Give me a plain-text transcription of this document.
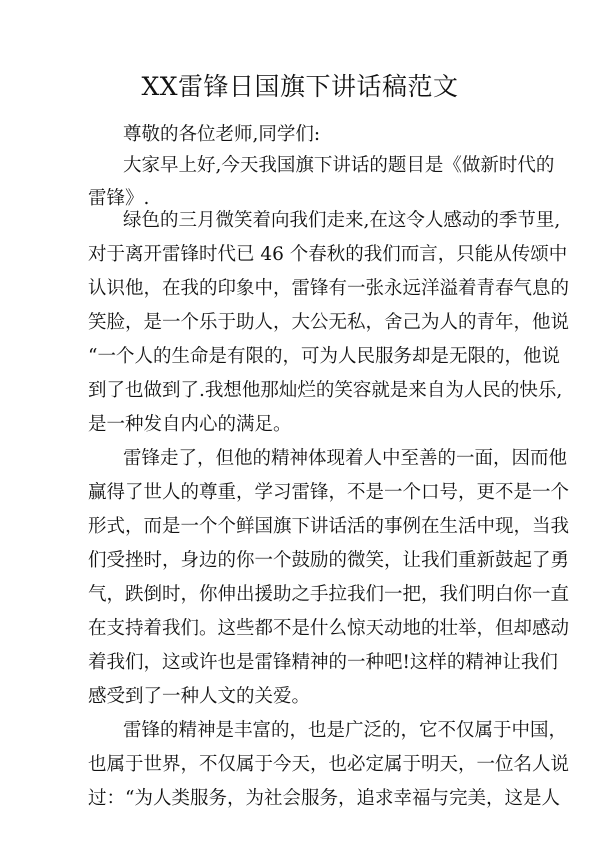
XX雷锋日国旗下讲话稿范文

尊敬的各位老师,同学们:

大家早上好,今天我国旗下讲话的题目是《做新时代的

雷锋》.

绿色的三月微笑着向我们走来,在这令人感动的季节里,

对于离开雷锋时代已 46 个春秋的我们而言，只能从传颂中

认识他，在我的印象中，雷锋有一张永远洋溢着青春气息的

笑脸，是一个乐于助人，大公无私，舍己为人的青年，他说

“一个人的生命是有限的，可为人民服务却是无限的，他说

到了也做到了.我想他那灿烂的笑容就是来自为人民的快乐,

是一种发自内心的满足。

雷锋走了，但他的精神体现着人中至善的一面，因而他

赢得了世人的尊重，学习雷锋，不是一个口号，更不是一个

形式，而是一个个鲜国旗下讲话活的事例在生活中现，当我

们受挫时，身边的你一个鼓励的微笑，让我们重新鼓起了勇

气，跌倒时，你伸出援助之手拉我们一把，我们明白你一直

在支持着我们。这些都不是什么惊天动地的壮举，但却感动

着我们，这或许也是雷锋精神的一种吧!这样的精神让我们

感受到了一种人文的关爱。

雷锋的精神是丰富的，也是广泛的，它不仅属于中国，

也属于世界，不仅属于今天，也必定属于明天，一位名人说

过：“为人类服务，为社会服务，追求幸福与完美，这是人
